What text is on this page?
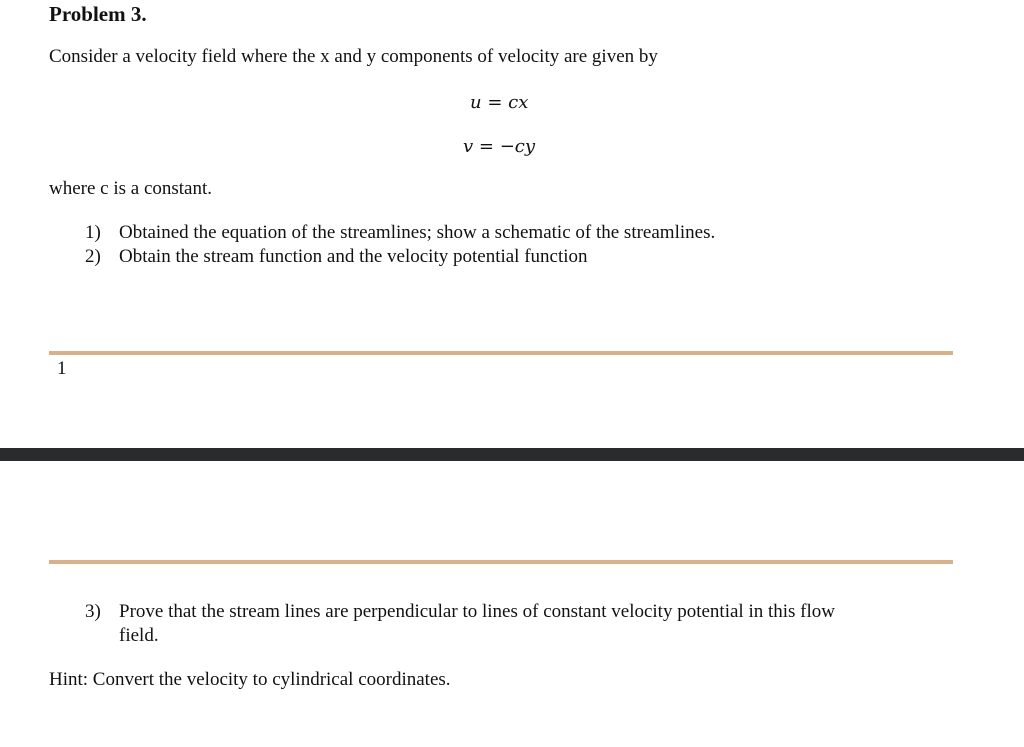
Problem 3.
Consider a velocity field where the x and y components of velocity are given by
u = cx
v = −cy
where c is a constant.
1) Obtained the equation of the streamlines; show a schematic of the streamlines.
2) Obtain the stream function and the velocity potential function
1
3) Prove that the stream lines are perpendicular to lines of constant velocity potential in this flow
field.
Hint: Convert the velocity to cylindrical coordinates.
